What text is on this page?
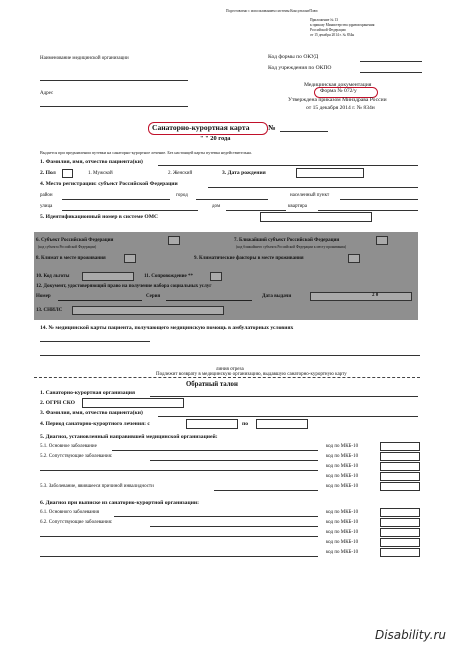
Подготовлено с использованием системы КонсультантПлюс
Приложение № 13
к приказу Министерства здравоохранения
Российской Федерации
от 15 декабря 2014 г. № 834н
Наименование медицинской организации
Адрес
Код формы по ОКУД
Код учреждения по ОКПО
Медицинская документация
Форма № 072/у
Утверждена приказом Минздрава России
от 15 декабря 2014 г. № 834н
Санаторно-курортная карта №
" " 20 года
Выдается при предъявлении путевки на санаторно-курортное лечение. Без настоящей карты путевка недействительна.
1. Фамилия, имя, отчество пациента(ки)
2. Пол	1. Мужской	2. Женский	3. Дата рождения
4. Место регистрации: субъект Российской Федерации
район	город	населенный пункт
улица	дом	квартира
5. Идентификационный номер в системе ОМС
6. Субъект Российской Федерации
(код субъекта Российской Федерации)
7. Ближайший субъект Российской Федерации
(код ближайшего субъекта Российской Федерации к месту проживания)
8. Климат в месте проживания	9. Климатические факторы в месте проживания
10. Код льготы	11. Сопровождение **
12. Документ, удостоверяющий право на получение набора социальных услуг
Номер	Серия	Дата выдачи	2 0
13. СНИЛС
14. № медицинской карты пациента, получающего медицинскую помощь в амбулаторных условиях
линия отреза
Подлежит возврату в медицинскую организацию, выдавшую санаторно-курортную карту
Обратный талон
1. Санаторно-курортная организация
2. ОГРН СКО
3. Фамилия, имя, отчество пациента(ки)
4. Период санаторно-курортного лечения: с	по
5. Диагноз, установленный направившей медицинской организацией:
5.1. Основное заболевание	код по МКБ-10
5.2. Сопутствующие заболевания:	код по МКБ-10
код по МКБ-10
код по МКБ-10
5.3. Заболевание, явившееся причиной инвалидности	код по МКБ-10
6. Диагноз при выписке из санаторно-курортной организации:
6.1. Основного заболевания	код по МКБ-10
6.2. Сопутствующие заболевания:	код по МКБ-10
код по МКБ-10
код по МКБ-10
код по МКБ-10
Disability.ru
